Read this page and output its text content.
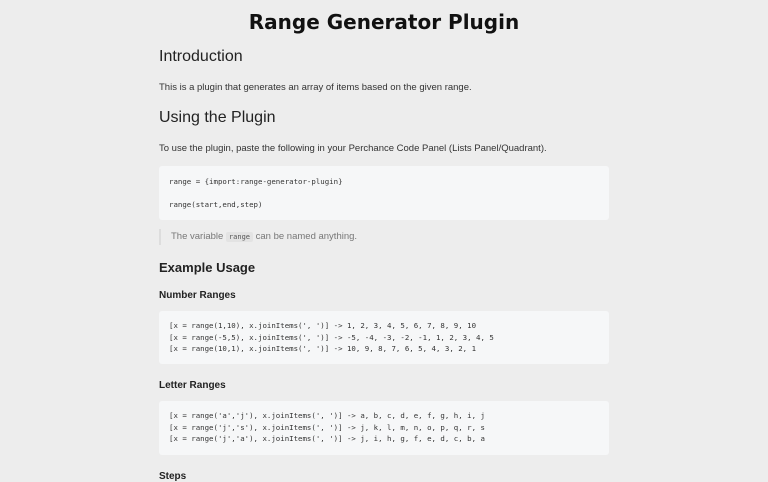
Range Generator Plugin
Introduction
This is a plugin that generates an array of items based on the given range.
Using the Plugin
To use the plugin, paste the following in your Perchance Code Panel (Lists Panel/Quadrant).
range = {import:range-generator-plugin}

range(start,end,step)
The variable range can be named anything.
Example Usage
Number Ranges
[x = range(1,10), x.joinItems(', ')] -> 1, 2, 3, 4, 5, 6, 7, 8, 9, 10
[x = range(-5,5), x.joinItems(', ')] -> -5, -4, -3, -2, -1, 1, 2, 3, 4, 5
[x = range(10,1), x.joinItems(', ')] -> 10, 9, 8, 7, 6, 5, 4, 3, 2, 1
Letter Ranges
[x = range('a','j'), x.joinItems(', ')] -> a, b, c, d, e, f, g, h, i, j
[x = range('j','s'), x.joinItems(', ')] -> j, k, l, m, n, o, p, q, r, s
[x = range('j','a'), x.joinItems(', ')] -> j, i, h, g, f, e, d, c, b, a
Steps
